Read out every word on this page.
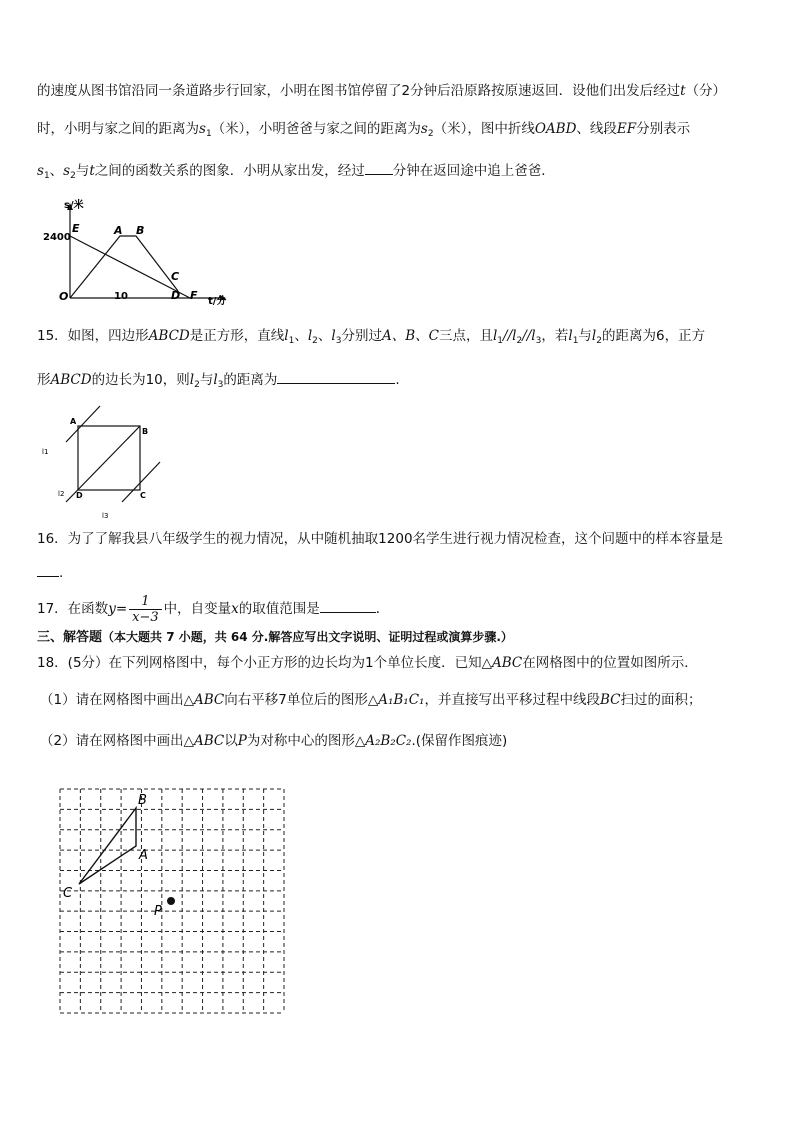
的速度从图书馆沿同一条道路步行回家，小明在图书馆停留了2分钟后沿原路按原速返回．设他们出发后经过t（分）
时，小明与家之间的距离为$s_1$（米），小明爸爸与家之间的距离为$s_2$（米），图中折线OABD、线段EF分别表示
$s_1$、$s_2$与t之间的函数关系的图象．小明从家出发，经过 分钟在返回途中追上爸爸．
s/米
t/分
2400
10
O
E	A B
C
D F
15．如图，四边形ABCD是正方形，直线$l_1$、$l_2$、$l_3$分别过A、B、C三点，且$l_1//l_2//l_3$，若$l_1$与$l_2$的距离为6，正方
形ABCD的边长为10，则$l_2$与$l_3$的距离为	.
A
B
C
D
l1
l2
l3
16．为了了解我县八年级学生的视力情况，从中随机抽取1200名学生进行视力情况检查，这个问题中的样本容量是
.
17．在函数$y= \frac{1}{x-3}$ 中，自变量x的取值范围是	．
三、解答题（本大题共 7 小题，共 64 分.解答应写出文字说明、证明过程或演算步骤.）
18．(5分）在下列网格图中，每个小正方形的边长均为1个单位长度．已知△ABC在网格图中的位置如图所示．
（1）请在网格图中画出△ABC向右平移7单位后的图形△A₁B₁C₁，并直接写出平移过程中线段BC扫过的面积；
（2）请在网格图中画出△ABC以P为对称中心的图形△A₂B₂C₂.(保留作图痕迹)
B
A
C
P
